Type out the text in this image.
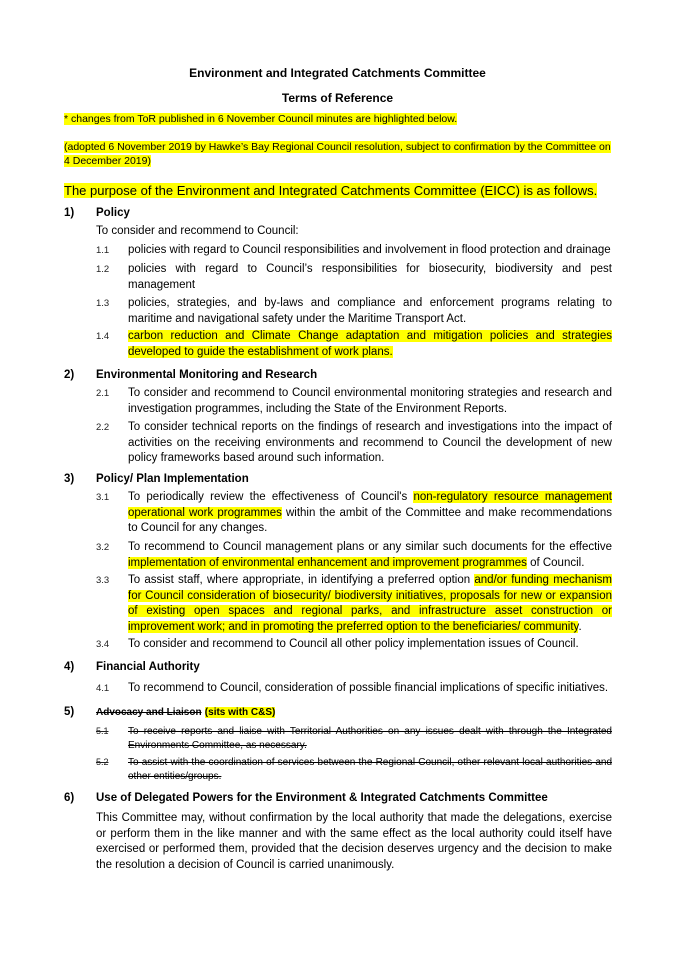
Environment and Integrated Catchments Committee
Terms of Reference
* changes from ToR published in 6 November Council minutes are highlighted below.
(adopted 6 November 2019 by Hawke’s Bay Regional Council resolution, subject to confirmation by the Committee on 4 December 2019)
The purpose of the Environment and Integrated Catchments Committee (EICC) is as follows.
1) Policy
To consider and recommend to Council:
1.1 policies with regard to Council responsibilities and involvement in flood protection and drainage
1.2 policies with regard to Council’s responsibilities for biosecurity, biodiversity and pest management
1.3 policies, strategies, and by-laws and compliance and enforcement programs relating to maritime and navigational safety under the Maritime Transport Act.
1.4 carbon reduction and Climate Change adaptation and mitigation policies and strategies developed to guide the establishment of work plans.
2) Environmental Monitoring and Research
2.1 To consider and recommend to Council environmental monitoring strategies and research and investigation programmes, including the State of the Environment Reports.
2.2 To consider technical reports on the findings of research and investigations into the impact of activities on the receiving environments and recommend to Council the development of new policy frameworks based around such information.
3) Policy/ Plan Implementation
3.1 To periodically review the effectiveness of Council's non-regulatory resource management operational work programmes within the ambit of the Committee and make recommendations to Council for any changes.
3.2 To recommend to Council management plans or any similar such documents for the effective implementation of environmental enhancement and improvement programmes of Council.
3.3 To assist staff, where appropriate, in identifying a preferred option and/or funding mechanism for Council consideration of biosecurity/ biodiversity initiatives, proposals for new or expansion of existing open spaces and regional parks, and infrastructure asset construction or improvement work; and in promoting the preferred option to the beneficiaries/ community.
3.4 To consider and recommend to Council all other policy implementation issues of Council.
4) Financial Authority
4.1 To recommend to Council, consideration of possible financial implications of specific initiatives.
5) Advocacy and Liaison (sits with C&S)
5.1 To receive reports and liaise with Territorial Authorities on any issues dealt with through the Integrated Environments Committee, as necessary.
5.2 To assist with the coordination of services between the Regional Council, other relevant local authorities and other entities/groups.
6) Use of Delegated Powers for the Environment & Integrated Catchments Committee
This Committee may, without confirmation by the local authority that made the delegations, exercise or perform them in the like manner and with the same effect as the local authority could itself have exercised or performed them, provided that the decision deserves urgency and the decision to make the resolution a decision of Council is carried unanimously.
